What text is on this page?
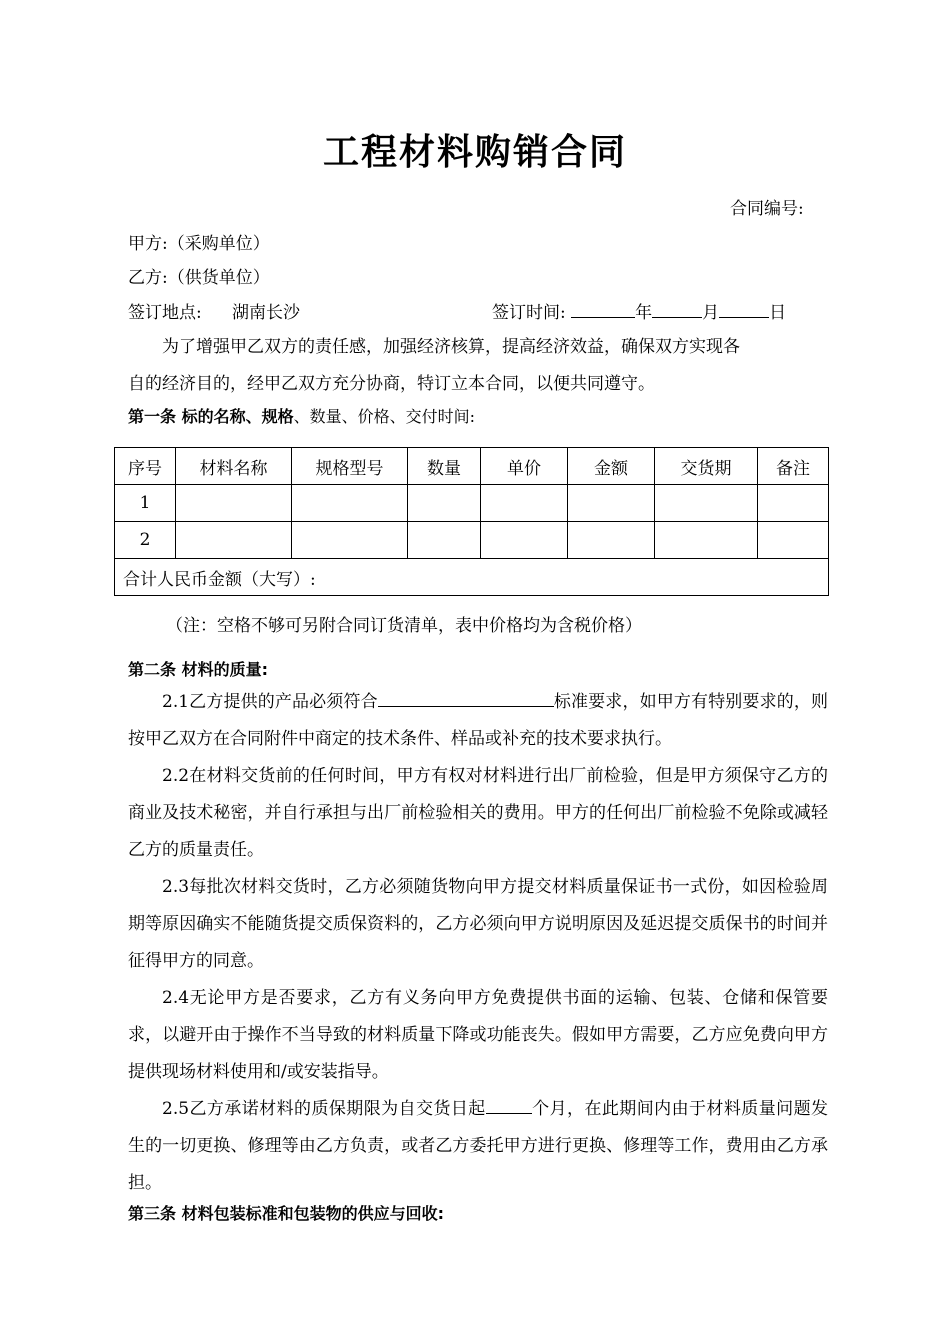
工程材料购销合同
合同编号:
甲方:（采购单位）
乙方:（供货单位）
签订地点: 湖南长沙	签订时间:	年	月	日
为了增强甲乙双方的责任感，加强经济核算，提高经济效益，确保双方实现各
自的经济目的，经甲乙双方充分协商，特订立本合同，以便共同遵守。
第一条 标的名称、规格、数量、价格、交付时间:
序号	材料名称	规格型号	数量	单价	金额	交货期	备注
1							
2							
合计人民币金额（大写）:							
（注：空格不够可另附合同订货清单，表中价格均为含税价格）
第二条 材料的质量:

2.1乙方提供的产品必须符合	标准要求，如甲方有特别要求的，则按甲乙双方在合同附件中商定的技术条件、样品或补充的技术要求执行。

2.2在材料交货前的任何时间，甲方有权对材料进行出厂前检验，但是甲方须保守乙方的商业及技术秘密，并自行承担与出厂前检验相关的费用。甲方的任何出厂前检验不免除或减轻乙方的质量责任。

2.3每批次材料交货时，乙方必须随货物向甲方提交材料质量保证书一式份，如因检验周期等原因确实不能随货提交质保资料的，乙方必须向甲方说明原因及延迟提交质保书的时间并征得甲方的同意。

2.4无论甲方是否要求，乙方有义务向甲方免费提供书面的运输、包装、仓储和保管要求，以避开由于操作不当导致的材料质量下降或功能丧失。假如甲方需要，乙方应免费向甲方提供现场材料使用和/或安装指导。

2.5乙方承诺材料的质保期限为自交货日起	个月，在此期间内由于材料质量问题发生的一切更换、修理等由乙方负责，或者乙方委托甲方进行更换、修理等工作，费用由乙方承担。

第三条 材料包装标准和包装物的供应与回收:
